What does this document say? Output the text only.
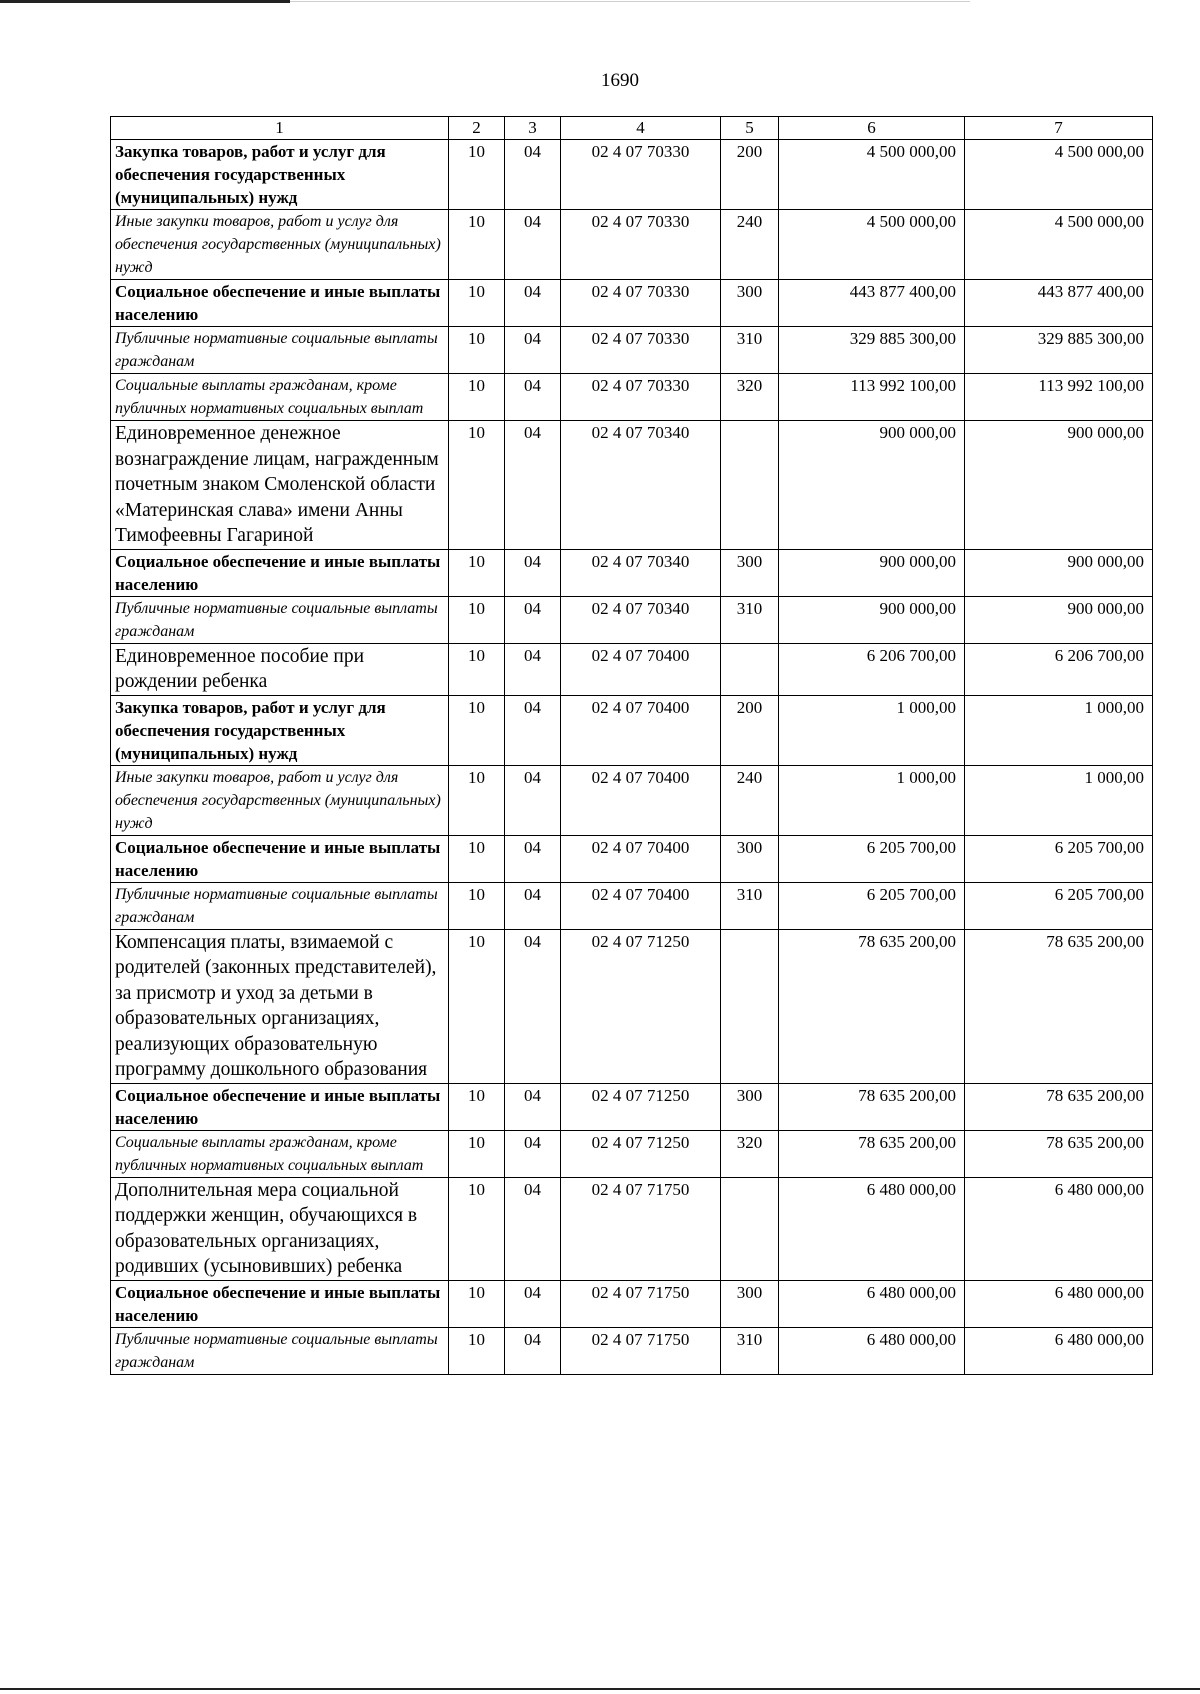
1690
1	2	3	4	5	6	7
Закупка товаров, работ и услуг для обеспечения государственных (муниципальных) нужд	10	04	02 4 07 70330	200	4 500 000,00	4 500 000,00
Иные закупки товаров, работ и услуг для обеспечения государственных (муниципальных) нужд	10	04	02 4 07 70330	240	4 500 000,00	4 500 000,00
Социальное обеспечение и иные выплаты населению	10	04	02 4 07 70330	300	443 877 400,00	443 877 400,00
Публичные нормативные социальные выплаты гражданам	10	04	02 4 07 70330	310	329 885 300,00	329 885 300,00
Социальные выплаты гражданам, кроме публичных нормативных социальных выплат	10	04	02 4 07 70330	320	113 992 100,00	113 992 100,00
Единовременное денежное вознаграждение лицам, награжденным почетным знаком Смоленской области «Материнская слава» имени Анны Тимофеевны Гагариной	10	04	02 4 07 70340		900 000,00	900 000,00
Социальное обеспечение и иные выплаты населению	10	04	02 4 07 70340	300	900 000,00	900 000,00
Публичные нормативные социальные выплаты гражданам	10	04	02 4 07 70340	310	900 000,00	900 000,00
Единовременное пособие при рождении ребенка	10	04	02 4 07 70400		6 206 700,00	6 206 700,00
Закупка товаров, работ и услуг для обеспечения государственных (муниципальных) нужд	10	04	02 4 07 70400	200	1 000,00	1 000,00
Иные закупки товаров, работ и услуг для обеспечения государственных (муниципальных) нужд	10	04	02 4 07 70400	240	1 000,00	1 000,00
Социальное обеспечение и иные выплаты населению	10	04	02 4 07 70400	300	6 205 700,00	6 205 700,00
Публичные нормативные социальные выплаты гражданам	10	04	02 4 07 70400	310	6 205 700,00	6 205 700,00
Компенсация платы, взимаемой с родителей (законных представителей), за присмотр и уход за детьми в образовательных организациях, реализующих образовательную программу дошкольного образования	10	04	02 4 07 71250		78 635 200,00	78 635 200,00
Социальное обеспечение и иные выплаты населению	10	04	02 4 07 71250	300	78 635 200,00	78 635 200,00
Социальные выплаты гражданам, кроме публичных нормативных социальных выплат	10	04	02 4 07 71250	320	78 635 200,00	78 635 200,00
Дополнительная мера социальной поддержки женщин, обучающихся в образовательных организациях, родивших (усыновивших) ребенка	10	04	02 4 07 71750		6 480 000,00	6 480 000,00
Социальное обеспечение и иные выплаты населению	10	04	02 4 07 71750	300	6 480 000,00	6 480 000,00
Публичные нормативные социальные выплаты гражданам	10	04	02 4 07 71750	310	6 480 000,00	6 480 000,00
